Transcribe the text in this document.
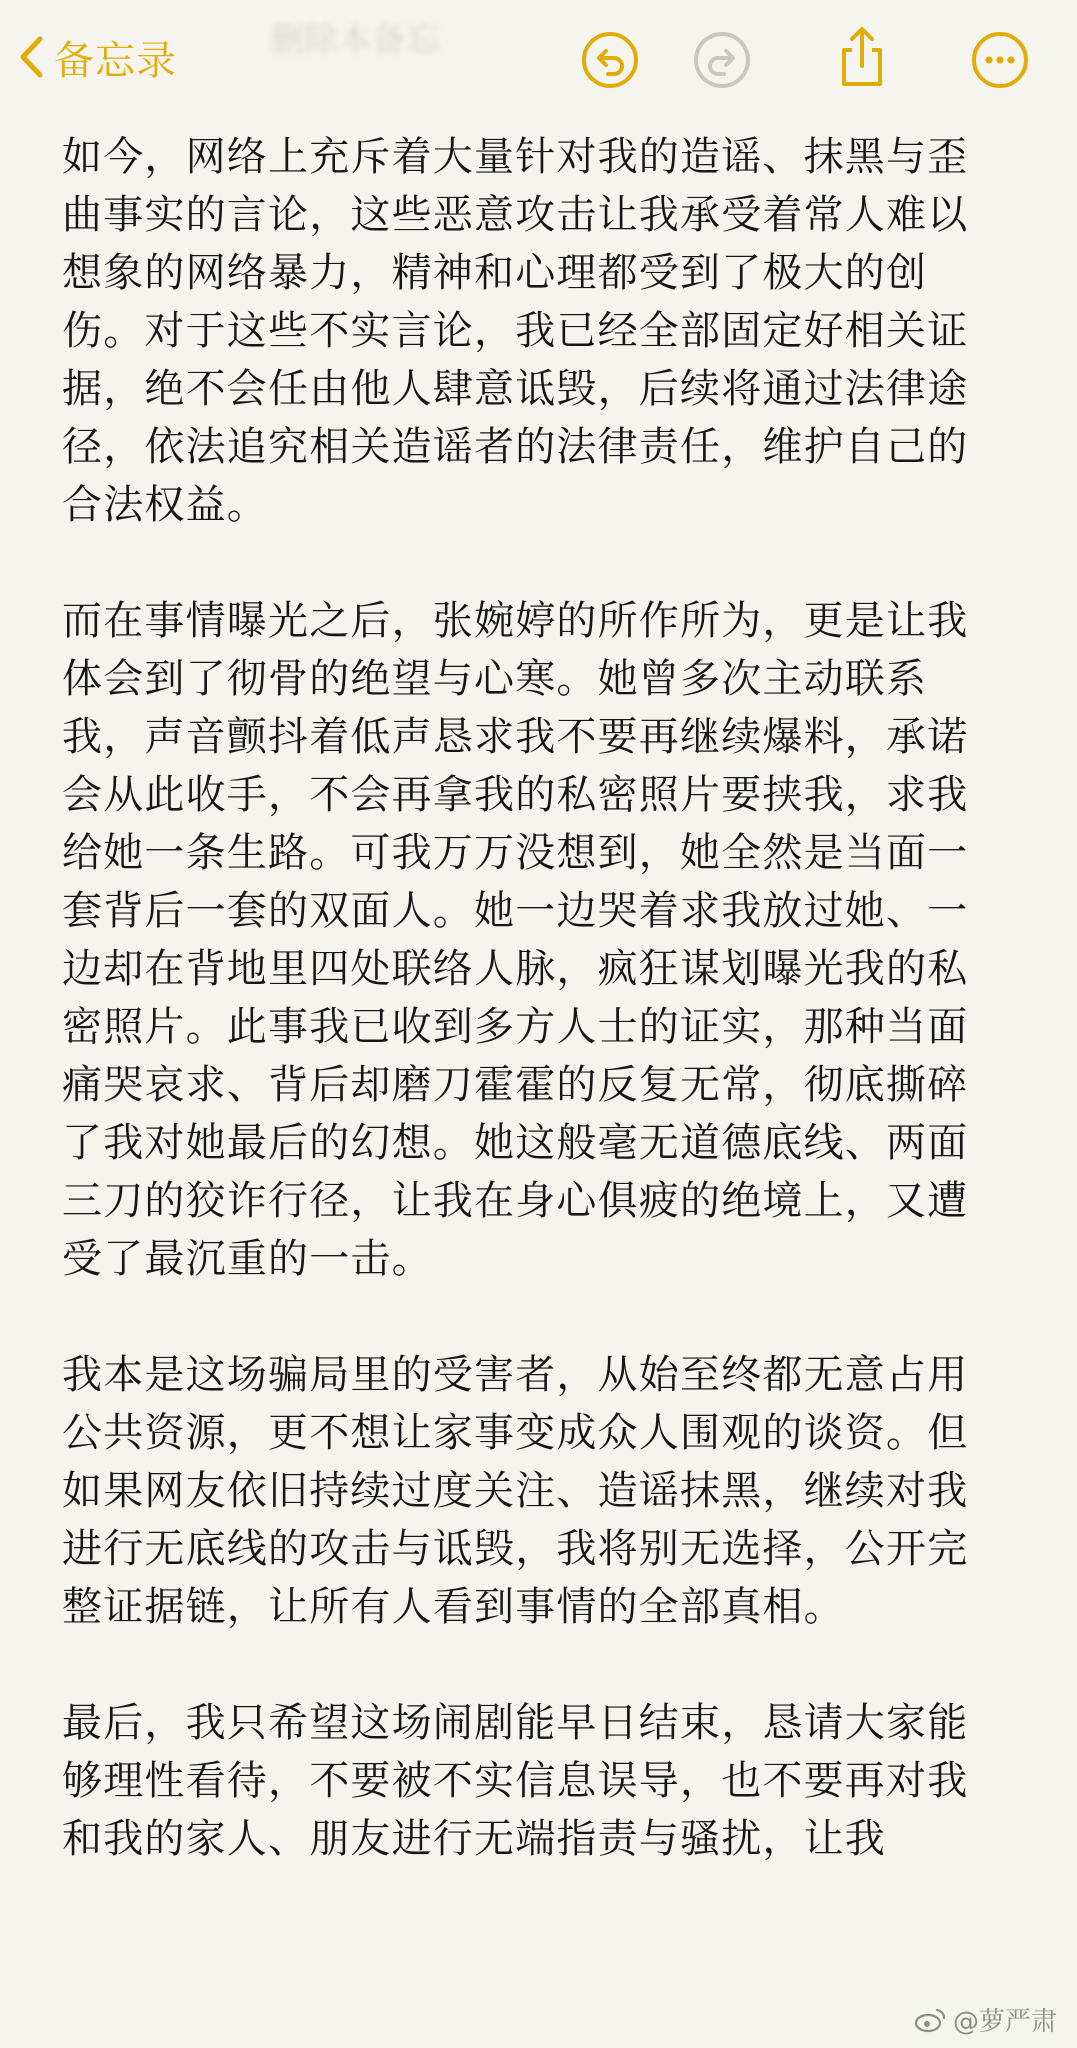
备忘录	删除本备忘

如今，网络上充斥着大量针对我的造谣、抹黑与歪曲事实的言论，这些恶意攻击让我承受着常人难以想象的网络暴力，精神和心理都受到了极大的创伤。对于这些不实言论，我已经全部固定好相关证据，绝不会任由他人肆意诋毁，后续将通过法律途径，依法追究相关造谣者的法律责任，维护自己的合法权益。

而在事情曝光之后，张婉婷的所作所为，更是让我体会到了彻骨的绝望与心寒。她曾多次主动联系我，声音颤抖着低声恳求我不要再继续爆料，承诺会从此收手，不会再拿我的私密照片要挟我，求我给她一条生路。可我万万没想到，她全然是当面一套背后一套的双面人。她一边哭着求我放过她、一边却在背地里四处联络人脉，疯狂谋划曝光我的私密照片。此事我已收到多方人士的证实，那种当面痛哭哀求、背后却磨刀霍霍的反复无常，彻底撕碎了我对她最后的幻想。她这般毫无道德底线、两面三刀的狡诈行径，让我在身心俱疲的绝境上，又遭受了最沉重的一击。

我本是这场骗局里的受害者，从始至终都无意占用公共资源，更不想让家事变成众人围观的谈资。但如果网友依旧持续过度关注、造谣抹黑，继续对我进行无底线的攻击与诋毁，我将别无选择，公开完整证据链，让所有人看到事情的全部真相。

最后，我只希望这场闹剧能早日结束，恳请大家能够理性看待，不要被不实信息误导，也不要再对我和我的家人、朋友进行无端指责与骚扰，让我

@萝严肃
